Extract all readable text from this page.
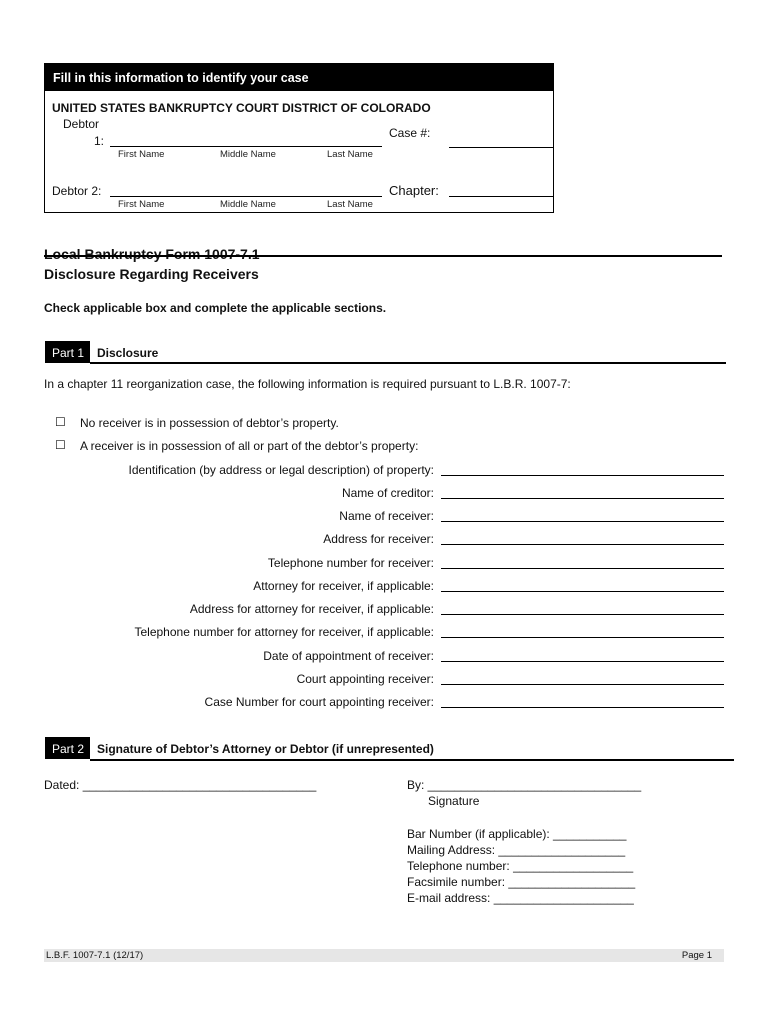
Fill in this information to identify your case
UNITED STATES BANKRUPTCY COURT DISTRICT OF COLORADO
Debtor
1:
First Name	Middle Name	Last Name
Case #:
Debtor 2:
First Name	Middle Name	Last Name
Chapter:
Local Bankruptcy Form 1007-7.1
Disclosure Regarding Receivers
Check applicable box and complete the applicable sections.
Part 1 Disclosure
In a chapter 11 reorganization case, the following information is required pursuant to L.B.R. 1007-7:
☐ No receiver is in possession of debtor’s property.
☐ A receiver is in possession of all or part of the debtor’s property:
Identification (by address or legal description) of property:
Name of creditor:
Name of receiver:
Address for receiver:
Telephone number for receiver:
Attorney for receiver, if applicable:
Address for attorney for receiver, if applicable:
Telephone number for attorney for receiver, if applicable:
Date of appointment of receiver:
Court appointing receiver:
Case Number for court appointing receiver:
Part 2 Signature of Debtor’s Attorney or Debtor (if unrepresented)
Dated: ___________________________________	By: ________________________________
Signature
Bar Number (if applicable): ___________
Mailing Address: ___________________
Telephone number: __________________
Facsimile number: ___________________
E-mail address: _____________________
L.B.F. 1007-7.1 (12/17)	Page 1
